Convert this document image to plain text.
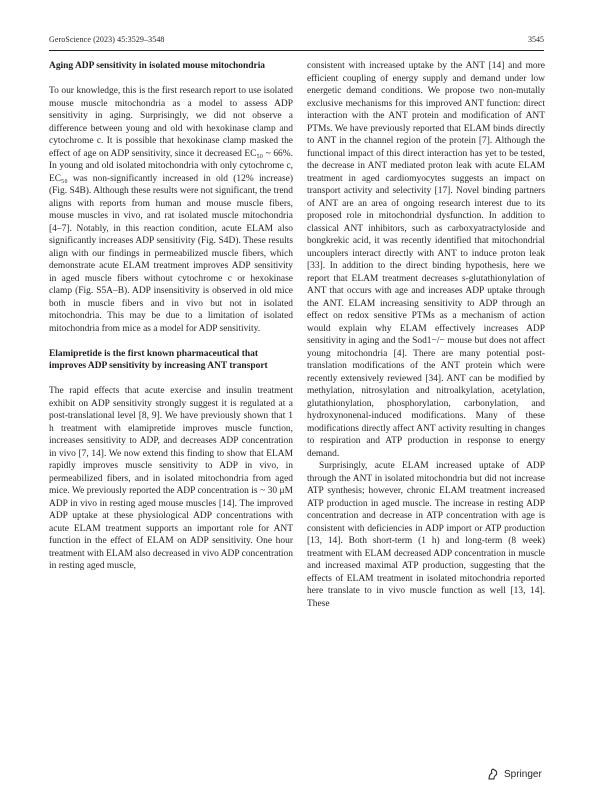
GeroScience (2023) 45:3529–3548	3545
Aging ADP sensitivity in isolated mouse mitochondria

To our knowledge, this is the first research report to use isolated mouse muscle mitochondria as a model to assess ADP sensitivity in aging. Surprisingly, we did not observe a difference between young and old with hexokinase clamp and cytochrome c. It is possible that hexokinase clamp masked the effect of age on ADP sensitivity, since it decreased EC₅₀ ~ 66%. In young and old isolated mitochondria with only cytochrome c, EC₅₀ was non-significantly increased in old (12% increase) (Fig. S4B). Although these results were not significant, the trend aligns with reports from human and mouse muscle fibers, mouse muscles in vivo, and rat isolated muscle mitochondria [4–7]. Notably, in this reaction condition, acute ELAM also significantly increases ADP sensitivity (Fig. S4D). These results align with our findings in permeabilized muscle fibers, which demonstrate acute ELAM treatment improves ADP sensitivity in aged muscle fibers without cytochrome c or hexokinase clamp (Fig. S5A–B). ADP insensitivity is observed in old mice both in muscle fibers and in vivo but not in isolated mitochondria. This may be due to a limitation of isolated mitochondria from mice as a model for ADP sensitivity.

Elamipretide is the first known pharmaceutical that improves ADP sensitivity by increasing ANT transport

The rapid effects that acute exercise and insulin treatment exhibit on ADP sensitivity strongly suggest it is regulated at a post-translational level [8, 9]. We have previously shown that 1 h treatment with elamipretide improves muscle function, increases sensitivity to ADP, and decreases ADP concentration in vivo [7, 14]. We now extend this finding to show that ELAM rapidly improves muscle sensitivity to ADP in vivo, in permeabilized fibers, and in isolated mitochondria from aged mice. We previously reported the ADP concentration is ~ 30 μM ADP in vivo in resting aged mouse muscles [14]. The improved ADP uptake at these physiological ADP concentrations with acute ELAM treatment supports an important role for ANT function in the effect of ELAM on ADP sensitivity. One hour treatment with ELAM also decreased in vivo ADP concentration in resting aged muscle,

consistent with increased uptake by the ANT [14] and more efficient coupling of energy supply and demand under low energetic demand conditions. We propose two non-mutally exclusive mechanisms for this improved ANT function: direct interaction with the ANT protein and modification of ANT PTMs. We have previously reported that ELAM binds directly to ANT in the channel region of the protein [7]. Although the functional impact of this direct interaction has yet to be tested, the decrease in ANT mediated proton leak with acute ELAM treatment in aged cardiomyocytes suggests an impact on transport activity and selectivity [17]. Novel binding partners of ANT are an area of ongoing research interest due to its proposed role in mitochondrial dysfunction. In addition to classical ANT inhibitors, such as carboxyatractyloside and bongkrekic acid, it was recently identified that mitochondrial uncouplers interact directly with ANT to induce proton leak [33]. In addition to the direct binding hypothesis, here we report that ELAM treatment decreases s-glutathionylation of ANT that occurs with age and increases ADP uptake through the ANT. ELAM increasing sensitivity to ADP through an effect on redox sensitive PTMs as a mechanism of action would explain why ELAM effectively increases ADP sensitivity in aging and the Sod1−/− mouse but does not affect young mitochondria [4]. There are many potential post-translation modifications of the ANT protein which were recently extensively reviewed [34]. ANT can be modified by methylation, nitrosylation and nitroalkylation, acetylation, glutathionylation, phosphorylation, carbonylation, and hydroxynonenal-induced modifications. Many of these modifications directly affect ANT activity resulting in changes to respiration and ATP production in response to energy demand.

Surprisingly, acute ELAM increased uptake of ADP through the ANT in isolated mitochondria but did not increase ATP synthesis; however, chronic ELAM treatment increased ATP production in aged muscle. The increase in resting ADP concentration and decrease in ATP concentration with age is consistent with deficiencies in ADP import or ATP production [13, 14]. Both short-term (1 h) and long-term (8 week) treatment with ELAM decreased ADP concentration in muscle and increased maximal ATP production, suggesting that the effects of ELAM treatment in isolated mitochondria reported here translate to in vivo muscle function as well [13, 14]. These

Springer
